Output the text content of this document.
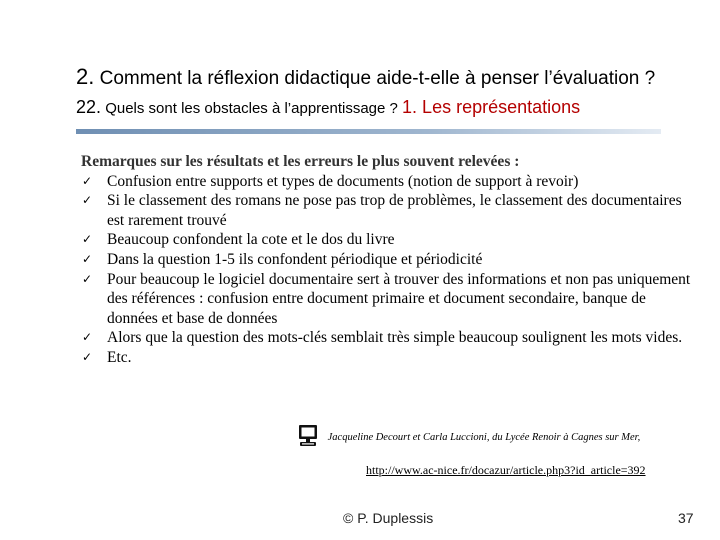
2. Comment la réflexion didactique aide-t-elle à penser l’évaluation ?
22. Quels sont les obstacles à l’apprentissage ? 1. Les représentations
Remarques sur les résultats et les erreurs le plus souvent relevées :
✓ Confusion entre supports et types de documents (notion de support à revoir)
✓ Si le classement des romans ne pose pas trop de problèmes, le classement des documentaires est rarement trouvé
✓ Beaucoup confondent la cote et le dos du livre
✓ Dans la question 1-5 ils confondent périodique et périodicité
✓ Pour beaucoup le logiciel documentaire sert à trouver des informations et non pas uniquement des références : confusion entre document primaire et document secondaire, banque de données et base de données
✓ Alors que la question des mots-clés semblait très simple beaucoup soulignent les mots vides.
✓ Etc.
Jacqueline Decourt et Carla Luccioni, du Lycée Renoir à Cagnes sur Mer,
http://www.ac-nice.fr/docazur/article.php3?id_article=392
© P. Duplessis	37
